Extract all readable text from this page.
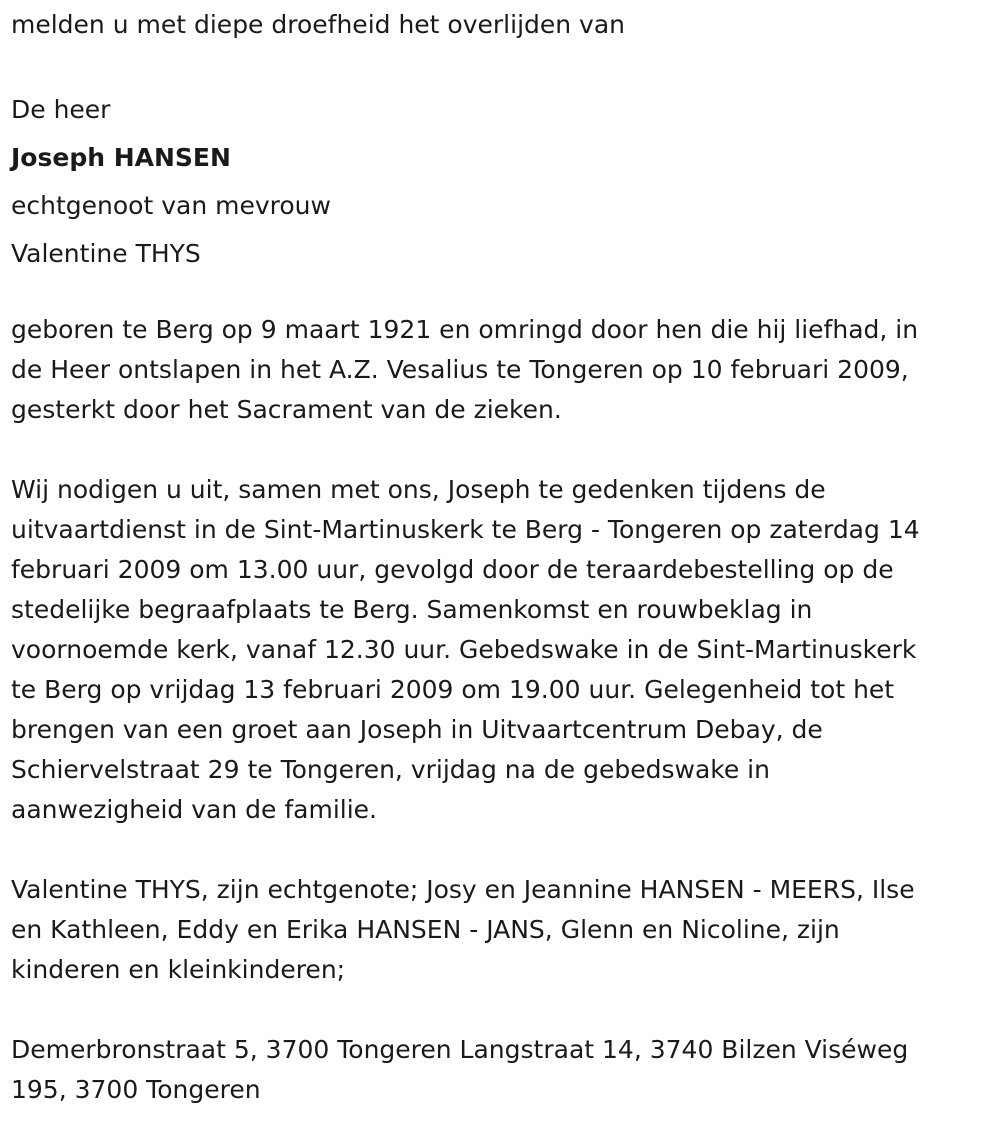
melden u met diepe droefheid het overlijden van

De heer

Joseph HANSEN

echtgenoot van mevrouw

Valentine THYS

geboren te Berg op 9 maart 1921 en omringd door hen die hij liefhad, in
de Heer ontslapen in het A.Z. Vesalius te Tongeren op 10 februari 2009,
gesterkt door het Sacrament van de zieken.
Wij nodigen u uit, samen met ons, Joseph te gedenken tijdens de
uitvaartdienst in de Sint-Martinuskerk te Berg - Tongeren op zaterdag 14
februari 2009 om 13.00 uur, gevolgd door de teraardebestelling op de
stedelijke begraafplaats te Berg. Samenkomst en rouwbeklag in
voornoemde kerk, vanaf 12.30 uur. Gebedswake in de Sint-Martinuskerk
te Berg op vrijdag 13 februari 2009 om 19.00 uur. Gelegenheid tot het
brengen van een groet aan Joseph in Uitvaartcentrum Debay, de
Schiervelstraat 29 te Tongeren, vrijdag na de gebedswake in
aanwezigheid van de familie.
Valentine THYS, zijn echtgenote; Josy en Jeannine HANSEN - MEERS, Ilse
en Kathleen, Eddy en Erika HANSEN - JANS, Glenn en Nicoline, zijn
kinderen en kleinkinderen;
Demerbronstraat 5, 3700 Tongeren Langstraat 14, 3740 Bilzen Viséweg
195, 3700 Tongeren
